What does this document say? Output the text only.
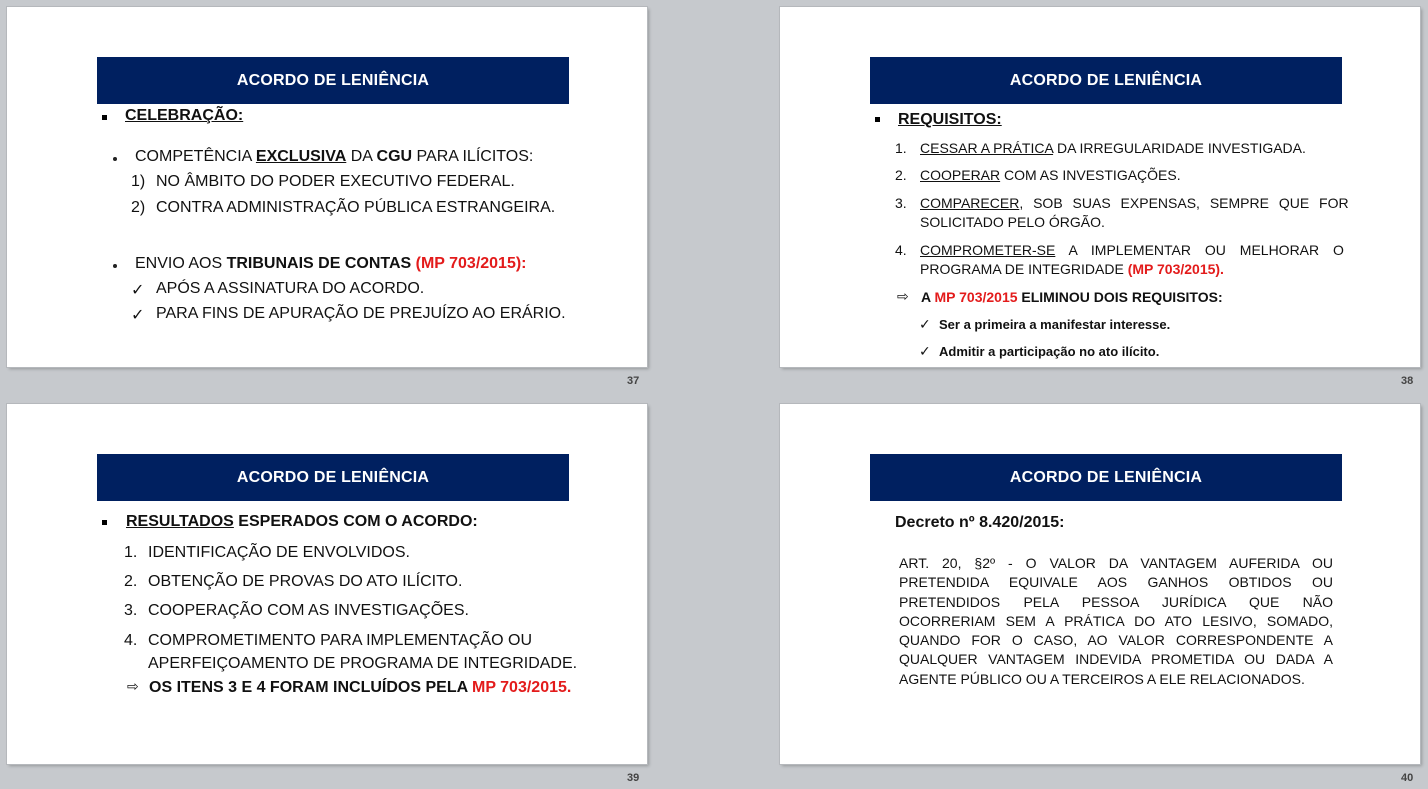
ACORDO DE LENIÊNCIA
CELEBRAÇÃO:
COMPETÊNCIA EXCLUSIVA DA CGU PARA ILÍCITOS:
1) NO ÂMBITO DO PODER EXECUTIVO FEDERAL.
2) CONTRA ADMINISTRAÇÃO PÚBLICA ESTRANGEIRA.
ENVIO AOS TRIBUNAIS DE CONTAS (MP 703/2015):
✓ APÓS A ASSINATURA DO ACORDO.
✓ PARA FINS DE APURAÇÃO DE PREJUÍZO AO ERÁRIO.
37
ACORDO DE LENIÊNCIA
REQUISITOS:
1. CESSAR A PRÁTICA DA IRREGULARIDADE INVESTIGADA.
2. COOPERAR COM AS INVESTIGAÇÕES.
3. COMPARECER, SOB SUAS EXPENSAS, SEMPRE QUE FOR
SOLICITADO PELO ÓRGÃO.
4. COMPROMETER-SE A IMPLEMENTAR OU MELHORAR O
PROGRAMA DE INTEGRIDADE (MP 703/2015).
⇨ A MP 703/2015 ELIMINOU DOIS REQUISITOS:
✓ Ser a primeira a manifestar interesse.
✓ Admitir a participação no ato ilícito.
38
ACORDO DE LENIÊNCIA
RESULTADOS ESPERADOS COM O ACORDO:
1. IDENTIFICAÇÃO DE ENVOLVIDOS.
2. OBTENÇÃO DE PROVAS DO ATO ILÍCITO.
3. COOPERAÇÃO COM AS INVESTIGAÇÕES.
4. COMPROMETIMENTO PARA IMPLEMENTAÇÃO OU
APERFEIÇOAMENTO DE PROGRAMA DE INTEGRIDADE.
⇨ OS ITENS 3 E 4 FORAM INCLUÍDOS PELA MP 703/2015.
39
ACORDO DE LENIÊNCIA
Decreto nº 8.420/2015:
ART. 20, §2º - O VALOR DA VANTAGEM AUFERIDA OU PRETENDIDA EQUIVALE AOS GANHOS OBTIDOS OU PRETENDIDOS PELA PESSOA JURÍDICA QUE NÃO OCORRERIAM SEM A PRÁTICA DO ATO LESIVO, SOMADO, QUANDO FOR O CASO, AO VALOR CORRESPONDENTE A QUALQUER VANTAGEM INDEVIDA PROMETIDA OU DADA A AGENTE PÚBLICO OU A TERCEIROS A ELE RELACIONADOS.
40
